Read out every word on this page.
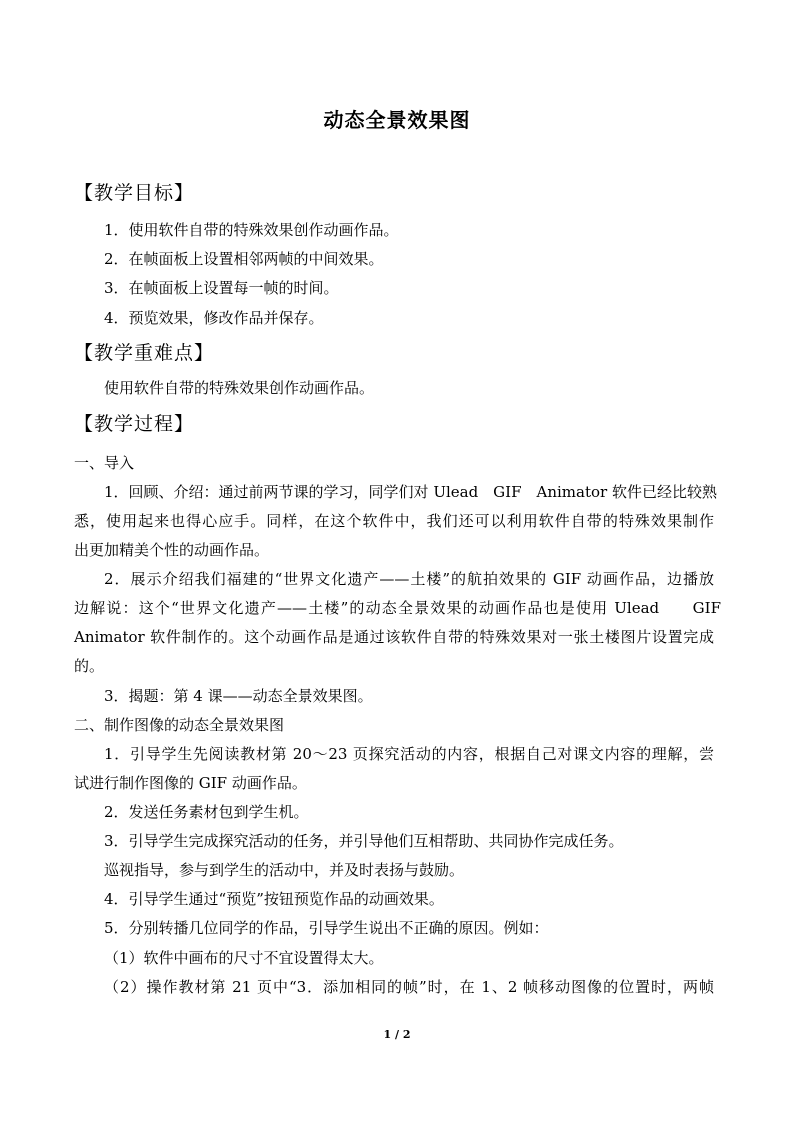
动态全景效果图
【教学目标】
1．使用软件自带的特殊效果创作动画作品。
2．在帧面板上设置相邻两帧的中间效果。
3．在帧面板上设置每一帧的时间。
4．预览效果，修改作品并保存。
【教学重难点】
使用软件自带的特殊效果创作动画作品。
【教学过程】
一、导入
1．回顾、介绍：通过前两节课的学习，同学们对 Ulead　GIF　Animator 软件已经比较熟
悉，使用起来也得心应手。同样，在这个软件中，我们还可以利用软件自带的特殊效果制作
出更加精美个性的动画作品。
2．展示介绍我们福建的“世界文化遗产——土楼”的航拍效果的 GIF 动画作品，边播放
边解说：这个“世界文化遗产——土楼”的动态全景效果的动画作品也是使用 Ulead　　GIF
Animator 软件制作的。这个动画作品是通过该软件自带的特殊效果对一张土楼图片设置完成
的。
3．揭题：第 4 课——动态全景效果图。
二、制作图像的动态全景效果图
1．引导学生先阅读教材第 20～23 页探究活动的内容，根据自己对课文内容的理解，尝
试进行制作图像的 GIF 动画作品。
2．发送任务素材包到学生机。
3．引导学生完成探究活动的任务，并引导他们互相帮助、共同协作完成任务。
巡视指导，参与到学生的活动中，并及时表扬与鼓励。
4．引导学生通过“预览”按钮预览作品的动画效果。
5．分别转播几位同学的作品，引导学生说出不正确的原因。例如：
（1）软件中画布的尺寸不宜设置得太大。
（2）操作教材第 21 页中“3．添加相同的帧”时，在 1、2 帧移动图像的位置时，两帧
1 / 2
